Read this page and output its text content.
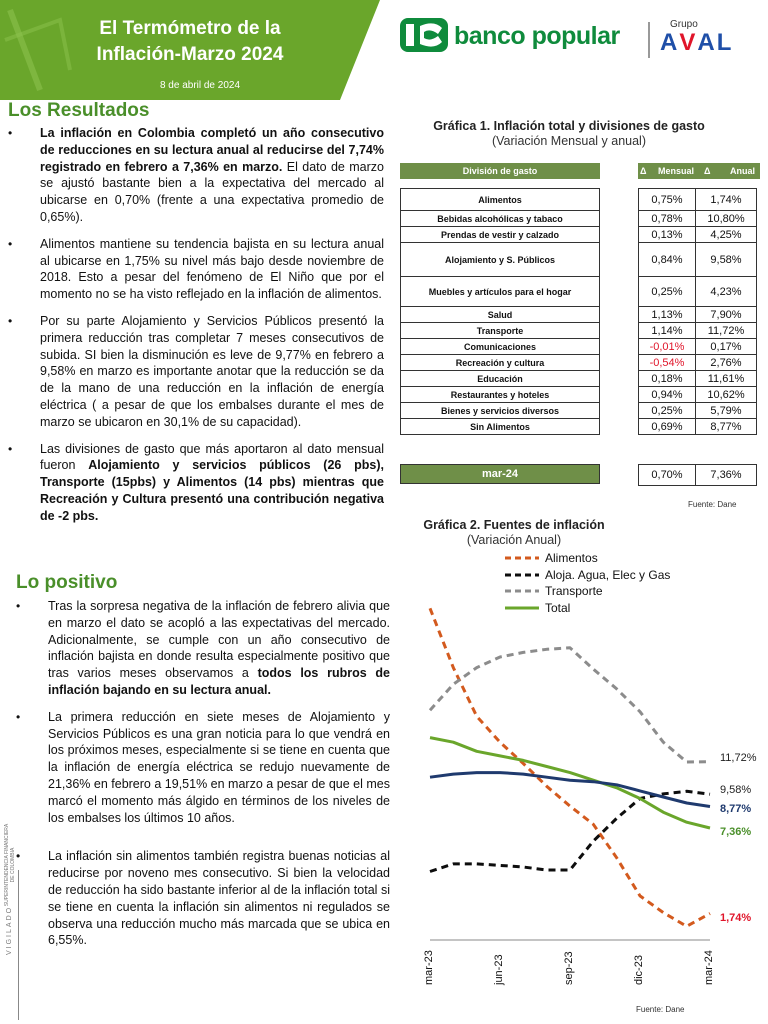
El Termómetro de la
Inflación-Marzo 2024
8 de abril de 2024
banco popular	Grupo
AVAL
Los Resultados

• La inflación en Colombia completó un año consecutivo de reducciones en su lectura anual al reducirse del 7,74% registrado en febrero a 7,36% en marzo. El dato de marzo se ajustó bastante bien a la expectativa del mercado al ubicarse en 0,70% (frente a una expectativa promedio de 0,65%).

• Alimentos mantiene su tendencia bajista en su lectura anual al ubicarse en 1,75% su nivel más bajo desde noviembre de 2018. Esto a pesar del fenómeno de El Niño que por el momento no se ha visto reflejado en la inflación de alimentos.

• Por su parte Alojamiento y Servicios Públicos presentó la primera reducción tras completar 7 meses consecutivos de subida. SI bien la disminución es leve de 9,77% en febrero a 9,58% en marzo es importante anotar que la reducción se da de la mano de una reducción en la inflación de energía eléctrica ( a pesar de que los embalses durante el mes de marzo se ubicaron en 30,1% de su capacidad).

• Las divisiones de gasto que más aportaron al dato mensual fueron Alojamiento y servicios públicos (26 pbs), Transporte (15pbs) y Alimentos (14 pbs) mientras que Recreación y Cultura presentó una contribución negativa de -2 pbs.

Lo positivo

• Tras la sorpresa negativa de la inflación de febrero alivia que en marzo el dato se acopló a las expectativas del mercado. Adicionalmente, se cumple con un año consecutivo de inflación bajista en donde resulta especialmente positivo que tras varios meses observamos a todos los rubros de inflación bajando en su lectura anual.

• La primera reducción en siete meses de Alojamiento y Servicios Públicos es una gran noticia para lo que vendrá en los próximos meses, especialmente si se tiene en cuenta que la inflación de energía eléctrica se redujo nuevamente de 21,36% en febrero a 19,51% en marzo a pesar de que el mes marcó el momento más álgido en términos de los niveles de los embalses los últimos 10 años.

• La inflación sin alimentos también registra buenas noticias al reducirse por noveno mes consecutivo. Si bien la velocidad de reducción ha sido bastante inferior al de la inflación total si se tiene en cuenta la inflación sin alimentos ni regulados se observa una reducción mucho más marcada que se ubica en 6,55%.

Gráfica 1. Inflación total y divisiones de gasto
(Variación Mensual y anual)
División de gasto	Δ Mensual Δ Anual
Alimentos	0,75%	1,74%
Bebidas alcohólicas y tabaco	0,78%	10,80%
Prendas de vestir y calzado	0,13%	4,25%
Alojamiento y S. Públicos	0,84%	9,58%
Muebles y artículos para el hogar	0,25%	4,23%
Salud	1,13%	7,90%
Transporte	1,14%	11,72%
Comunicaciones	-0,01%	0,17%
Recreación y cultura	-0,54%	2,76%
Educación	0,18%	11,61%
Restaurantes y hoteles	0,94%	10,62%
Bienes y servicios diversos	0,25%	5,79%
Sin Alimentos	0,69%	8,77%
mar-24	0,70%	7,36%
Fuente: Dane
Gráfica 2. Fuentes de inflación
(Variación Anual)
Alimentos
Aloja. Agua, Elec y Gas
Transporte
Total
1,74%
9,58%
11,72%
7,36%
8,77%
mar-23	jun-23	sep-23	dic-23	mar-24
Fuente: Dane
SUPERINTENDENCIA FINANCIERA DE COLOMBIA
VIGILADO
